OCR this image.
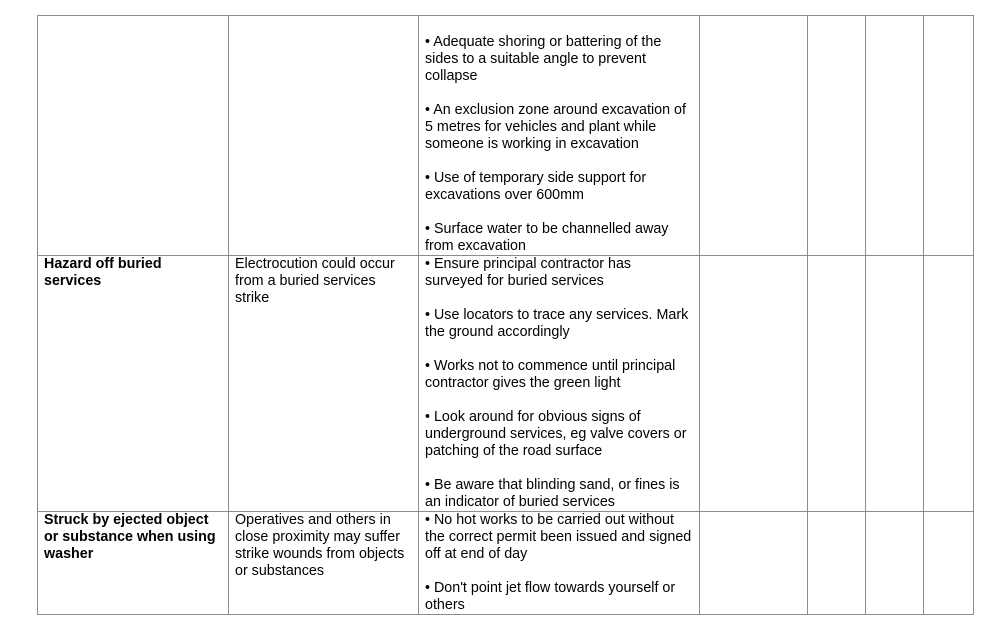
		• Adequate shoring or battering of the sides to a suitable angle to prevent collapse
• An exclusion zone around excavation of 5 metres for vehicles and plant while someone is working in excavation
• Use of temporary side support for excavations over 600mm
• Surface water to be channelled away from excavation				

Hazard off buried services	Electrocution could occur from a buried services strike	• Ensure principal contractor has surveyed for buried services
• Use locators to trace any services. Mark the ground accordingly
• Works not to commence until principal contractor gives the green light
• Look around for obvious signs of underground services, eg valve covers or patching of the road surface
• Be aware that blinding sand, or fines is an indicator of buried services				

Struck by ejected object or substance when using washer	Operatives and others in close proximity may suffer strike wounds from objects or substances	• No hot works to be carried out without the correct permit been issued and signed off at end of day
• Don't point jet flow towards yourself or others				
